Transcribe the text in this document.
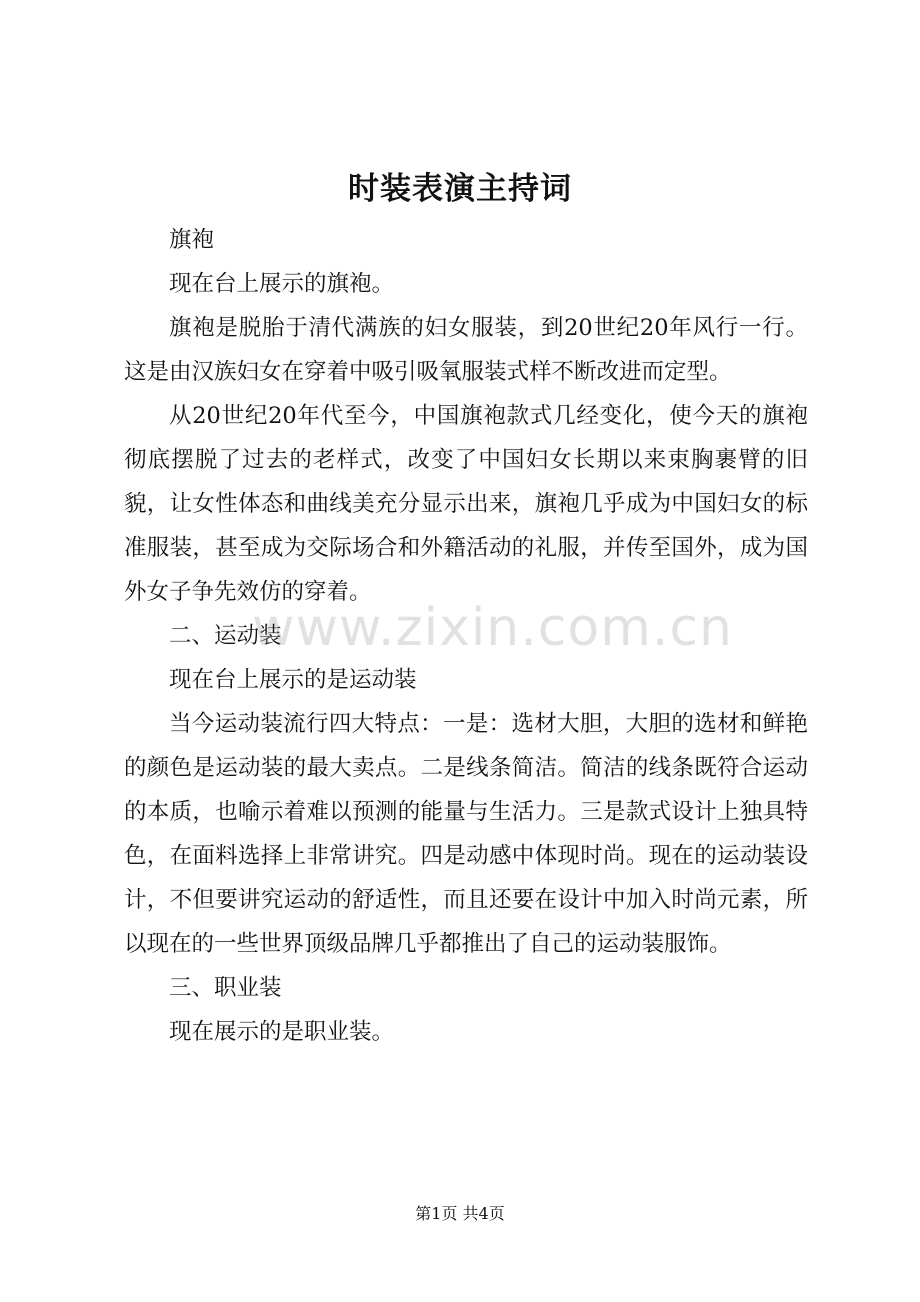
时装表演主持词

旗袍

现在台上展示的旗袍。

旗袍是脱胎于清代满族的妇女服装，到20世纪20年风行一行。这是由汉族妇女在穿着中吸引吸氧服装式样不断改进而定型。

从20世纪20年代至今，中国旗袍款式几经变化，使今天的旗袍彻底摆脱了过去的老样式，改变了中国妇女长期以来束胸裹臂的旧貌，让女性体态和曲线美充分显示出来，旗袍几乎成为中国妇女的标准服装，甚至成为交际场合和外籍活动的礼服，并传至国外，成为国外女子争先效仿的穿着。

二、运动装

现在台上展示的是运动装

当今运动装流行四大特点：一是：选材大胆，大胆的选材和鲜艳的颜色是运动装的最大卖点。二是线条简洁。简洁的线条既符合运动的本质，也喻示着难以预测的能量与生活力。三是款式设计上独具特色，在面料选择上非常讲究。四是动感中体现时尚。现在的运动装设计，不但要讲究运动的舒适性，而且还要在设计中加入时尚元素，所以现在的一些世界顶级品牌几乎都推出了自己的运动装服饰。

三、职业装

现在展示的是职业装。

www.zixin.com.cn
第1页 共4页
